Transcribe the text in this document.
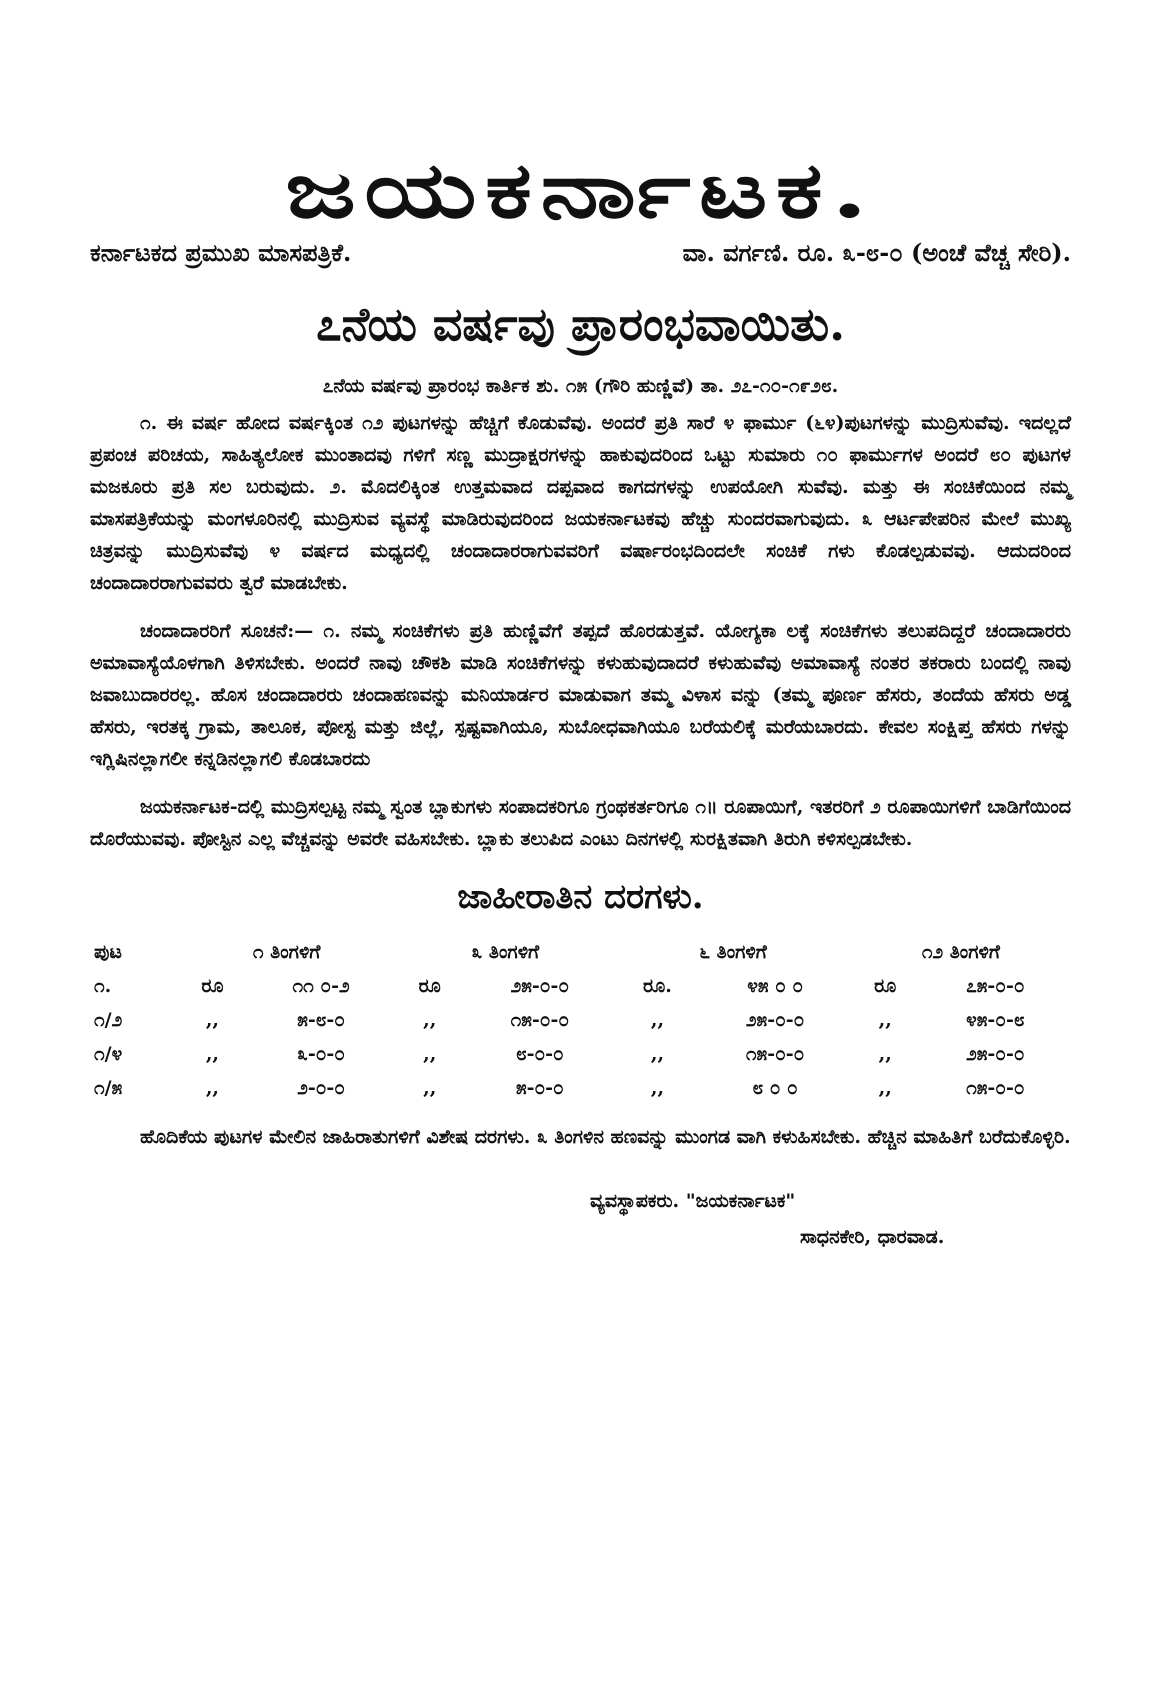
ಜಯಕರ್ನಾಟಕ.
ಕರ್ನಾಟಕದ ಪ್ರಮುಖ ಮಾಸಪತ್ರಿಕೆ.	ವಾ. ವರ್ಗಣಿ. ರೂ. ೩-೮-೦ (ಅಂಚೆ ವೆಚ್ಚ ಸೇರಿ).
೭ನೆಯ ವರ್ಷವು ಪ್ರಾರಂಭವಾಯಿತು.
೭ನೆಯ ವರ್ಷವು ಪ್ರಾರಂಭ ಕಾರ್ತಿಕ ಶು. ೧೫ (ಗೌರಿ ಹುಣ್ಣಿವೆ) ತಾ. ೨೭-೧೦-೧೯೨೮.

೧. ಈ ವರ್ಷ ಹೋದ ವರ್ಷಕ್ಕಿಂತ ೧೨ ಪುಟಗಳನ್ನು ಹೆಚ್ಚಿಗೆ ಕೊಡುವೆವು. ಅಂದರೆ ಪ್ರತಿ ಸಾರೆ ೪ ಫಾರ್ಮು (೬೪)ಪುಟಗಳನ್ನು ಮುದ್ರಿಸುವೆವು. ಇದಲ್ಲದೆ ಪ್ರಪಂಚ ಪರಿಚಯ, ಸಾಹಿತ್ಯಲೋಕ ಮುಂತಾದವು ಗಳಿಗೆ ಸಣ್ಣ ಮುದ್ರಾಕ್ಷರಗಳನ್ನು ಹಾಕುವುದರಿಂದ ಒಟ್ಟು ಸುಮಾರು ೧೦ ಫಾರ್ಮುಗಳ ಅಂದರೆ ೮೦ ಪುಟಗಳ ಮಜಕೂರು ಪ್ರತಿ ಸಲ ಬರುವುದು. ೨. ಮೊದಲಿಕ್ಕಿಂತ ಉತ್ತಮವಾದ ದಪ್ಪವಾದ ಕಾಗದಗಳನ್ನು ಉಪಯೋಗಿ ಸುವೆವು. ಮತ್ತು ಈ ಸಂಚಿಕೆಯಿಂದ ನಮ್ಮ ಮಾಸಪತ್ರಿಕೆಯನ್ನು ಮಂಗಳೂರಿನಲ್ಲಿ ಮುದ್ರಿಸುವ ವ್ಯವಸ್ಥೆ ಮಾಡಿರುವುದರಿಂದ ಜಯಕರ್ನಾಟಕವು ಹೆಚ್ಚು ಸುಂದರವಾಗುವುದು. ೩ ಆರ್ಟಪೇಪರಿನ ಮೇಲೆ ಮುಖ್ಯ ಚಿತ್ರವನ್ನು ಮುದ್ರಿಸುವೆವು ೪ ವರ್ಷದ ಮಧ್ಯದಲ್ಲಿ ಚಂದಾದಾರರಾಗುವವರಿಗೆ ವರ್ಷಾರಂಭದಿಂದಲೇ ಸಂಚಿಕೆ ಗಳು ಕೊಡಲ್ಪಡುವವು. ಆದುದರಿಂದ ಚಂದಾದಾರರಾಗುವವರು ತ್ವರೆ ಮಾಡಬೇಕು.

ಚಂದಾದಾರರಿಗೆ ಸೂಚನೆ:— ೧. ನಮ್ಮ ಸಂಚಿಕೆಗಳು ಪ್ರತಿ ಹುಣ್ಣಿವೆಗೆ ತಪ್ಪದೆ ಹೊರಡುತ್ತವೆ. ಯೋಗ್ಯಕಾ ಲಕ್ಕೆ ಸಂಚಿಕೆಗಳು ತಲುಪದಿದ್ದರೆ ಚಂದಾದಾರರು ಅಮಾವಾಸ್ಯೆಯೊಳಗಾಗಿ ತಿಳಿಸಬೇಕು. ಅಂದರೆ ನಾವು ಚೌಕಶಿ ಮಾಡಿ ಸಂಚಿಕೆಗಳನ್ನು ಕಳುಹುವುದಾದರೆ ಕಳುಹುವೆವು ಅಮಾವಾಸ್ಯೆ ನಂತರ ತಕರಾರು ಬಂದಲ್ಲಿ ನಾವು ಜವಾಬುದಾರರಲ್ಲ. ಹೊಸ ಚಂದಾದಾರರು ಚಂದಾಹಣವನ್ನು ಮನಿಯಾರ್ಡರ ಮಾಡುವಾಗ ತಮ್ಮ ವಿಳಾಸ ವನ್ನು (ತಮ್ಮ ಪೂರ್ಣ ಹೆಸರು, ತಂದೆಯ ಹೆಸರು ಅಡ್ಡ ಹೆಸರು, ಇರತಕ್ಕ ಗ್ರಾಮ, ತಾಲೂಕ, ಪೋಸ್ಟ ಮತ್ತು ಜಿಲ್ಲೆ, ಸ್ಪಷ್ಟವಾಗಿಯೂ, ಸುಬೋಧವಾಗಿಯೂ ಬರೆಯಲಿಕ್ಕೆ ಮರೆಯಬಾರದು. ಕೇವಲ ಸಂಕ್ಷಿಪ್ತ ಹೆಸರು ಗಳನ್ನು ಇಗ್ಲಿಷಿನಲ್ಲಾಗಲೀ ಕನ್ನಡಿನಲ್ಲಾಗಲಿ ಕೊಡಬಾರದು

ಜಯಕರ್ನಾಟಕ-ದಲ್ಲಿ ಮುದ್ರಿಸಲ್ಪಟ್ಟ ನಮ್ಮ ಸ್ವಂತ ಬ್ಲಾಕುಗಳು ಸಂಪಾದಕರಿಗೂ ಗ್ರಂಥಕರ್ತರಿಗೂ ೧॥ ರೂಪಾಯಿಗೆ, ಇತರರಿಗೆ ೨ ರೂಪಾಯಿಗಳಿಗೆ ಬಾಡಿಗೆಯಿಂದ ದೊರೆಯುವವು. ಪೋಸ್ಟಿನ ಎಲ್ಲ ವೆಚ್ಚವನ್ನು ಅವರೇ ವಹಿಸಬೇಕು. ಬ್ಲಾಕು ತಲುಪಿದ ಎಂಟು ದಿನಗಳಲ್ಲಿ ಸುರಕ್ಷಿತವಾಗಿ ತಿರುಗಿ ಕಳಿಸಲ್ಪಡಬೇಕು.

ಜಾಹೀರಾತಿನ ದರಗಳು.
ಪುಟ	೧ ತಿಂಗಳಿಗೆ		೩ ತಿಂಗಳಿಗೆ		೬ ತಿಂಗಳಿಗೆ		೧೨ ತಿಂಗಳಿಗೆ	
೧.	ರೂ	೧೧ ೦-೨	ರೂ	೨೫-೦-೦	ರೂ.	೪೫ ೦ ೦	ರೂ	೭೫-೦-೦
೧/೨	,,	೫-೮-೦	,,	೧೫-೦-೦	,,	೨೫-೦-೦	,,	೪೫-೦-೮
೧/೪	,,	೩-೦-೦	,,	೮-೦-೦	,,	೧೫-೦-೦	,,	೨೫-೦-೦
೧/೫	,,	೨-೦-೦	,,	೫-೦-೦	,,	೮ ೦ ೦	,,	೧೫-೦-೦

ಹೊದಿಕೆಯ ಪುಟಗಳ ಮೇಲಿನ ಜಾಹಿರಾತುಗಳಿಗೆ ವಿಶೇಷ ದರಗಳು. ೩ ತಿಂಗಳಿನ ಹಣವನ್ನು ಮುಂಗಡ ವಾಗಿ ಕಳುಹಿಸಬೇಕು. ಹೆಚ್ಚಿನ ಮಾಹಿತಿಗೆ ಬರೆದುಕೊಳ್ಳಿರಿ.

ವ್ಯವಸ್ಥಾಪಕರು. "ಜಯಕರ್ನಾಟಕ"
ಸಾಧನಕೇರಿ, ಧಾರವಾಡ.
